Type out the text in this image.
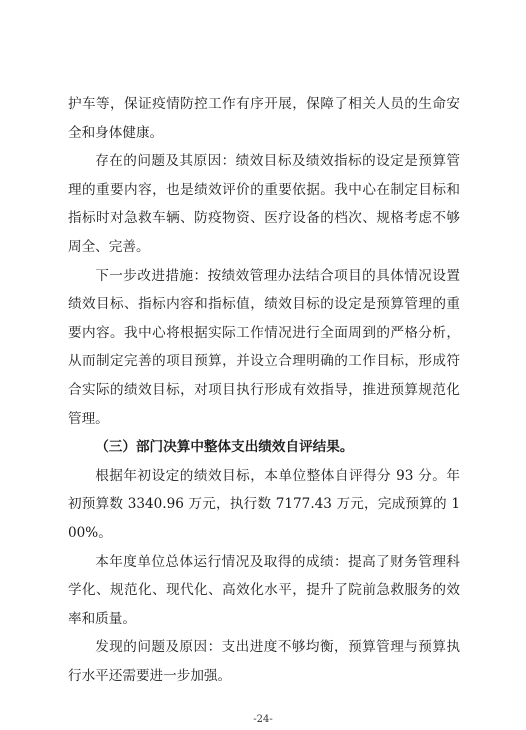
护车等，保证疫情防控工作有序开展，保障了相关人员的生命安全和身体健康。

存在的问题及其原因：绩效目标及绩效指标的设定是预算管理的重要内容，也是绩效评价的重要依据。我中心在制定目标和指标时对急救车辆、防疫物资、医疗设备的档次、规格考虑不够周全、完善。

下一步改进措施：按绩效管理办法结合项目的具体情况设置绩效目标、指标内容和指标值，绩效目标的设定是预算管理的重要内容。我中心将根据实际工作情况进行全面周到的严格分析，从而制定完善的项目预算，并设立合理明确的工作目标，形成符合实际的绩效目标，对项目执行形成有效指导，推进预算规范化管理。

（三）部门决算中整体支出绩效自评结果。

根据年初设定的绩效目标，本单位整体自评得分 93 分。年初预算数 3340.96 万元，执行数 7177.43 万元，完成预算的 100%。

本年度单位总体运行情况及取得的成绩：提高了财务管理科学化、规范化、现代化、高效化水平，提升了院前急救服务的效率和质量。

发现的问题及原因：支出进度不够均衡，预算管理与预算执行水平还需要进一步加强。

-24-
